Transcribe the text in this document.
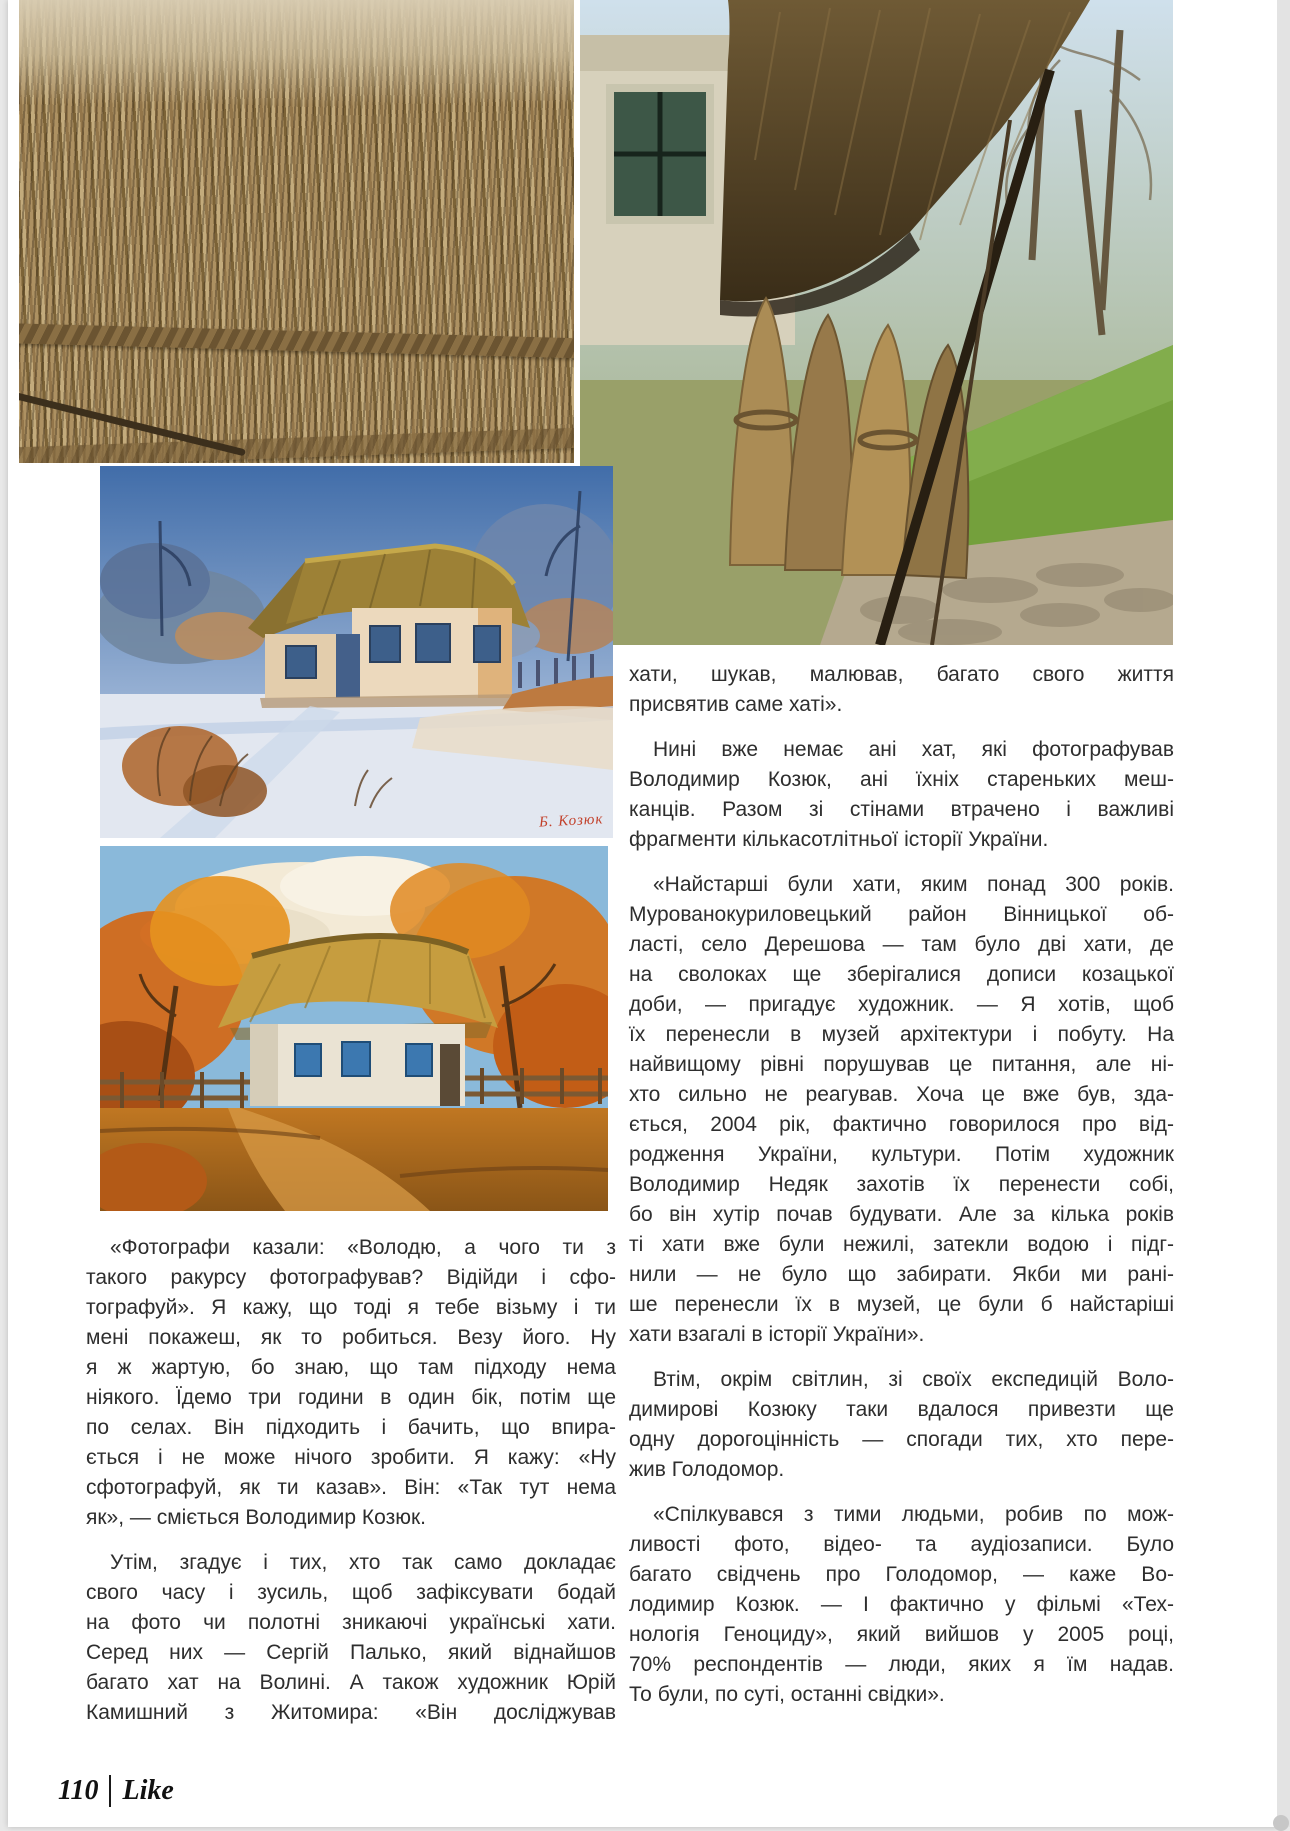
Б. Козюк
«Фотографи казали: «Володю, а чого ти з
такого ракурсу фотографував? Відійди і сфо-
тографуй». Я кажу, що тоді я тебе візьму і ти
мені покажеш, як то робиться. Везу його. Ну
я ж жартую, бо знаю, що там підходу нема
ніякого. Їдемо три години в один бік, потім ще
по селах. Він підходить і бачить, що впира-
ється і не може нічого зробити. Я кажу: «Ну
сфотографуй, як ти казав». Він: «Так тут нема
як», — сміється Володимир Козюк.
Утім, згадує і тих, хто так само докладає
свого часу і зусиль, щоб зафіксувати бодай
на фото чи полотні зникаючі українські хати.
Серед них — Сергій Палько, який віднайшов
багато хат на Волині. А також художник Юрій
Камишний з Житомира: «Він досліджував
хати, шукав, малював, багато свого життя
присвятив саме хаті».
Нині вже немає ані хат, які фотографував
Володимир Козюк, ані їхніх стареньких меш-
канців. Разом зі стінами втрачено і важливі
фрагменти кількасотлітньої історії України.
«Найстарші були хати, яким понад 300 років.
Мурованокуриловецький район Вінницької об-
ласті, село Дерешова — там було дві хати, де
на сволоках ще зберігалися дописи козацької
доби, — пригадує художник. — Я хотів, щоб
їх перенесли в музей архітектури і побуту. На
найвищому рівні порушував це питання, але ні-
хто сильно не реагував. Хоча це вже був, зда-
ється, 2004 рік, фактично говорилося про від-
родження України, культури. Потім художник
Володимир Недяк захотів їх перенести собі,
бо він хутір почав будувати. Але за кілька років
ті хати вже були нежилі, затекли водою і підг-
нили — не було що забирати. Якби ми рані-
ше перенесли їх в музей, це були б найстаріші
хати взагалі в історії України».
Втім, окрім світлин, зі своїх експедицій Воло-
димирові Козюку таки вдалося привезти ще
одну дорогоцінність — спогади тих, хто пере-
жив Голодомор.
«Спілкувався з тими людьми, робив по мож-
ливості фото, відео- та аудіозаписи. Було
багато свідчень про Голодомор, — каже Во-
лодимир Козюк. — І фактично у фільмі «Тех-
нологія Геноциду», який вийшов у 2005 році,
70% респондентів — люди, яких я їм надав.
То були, по суті, останні свідки».
110 Like
